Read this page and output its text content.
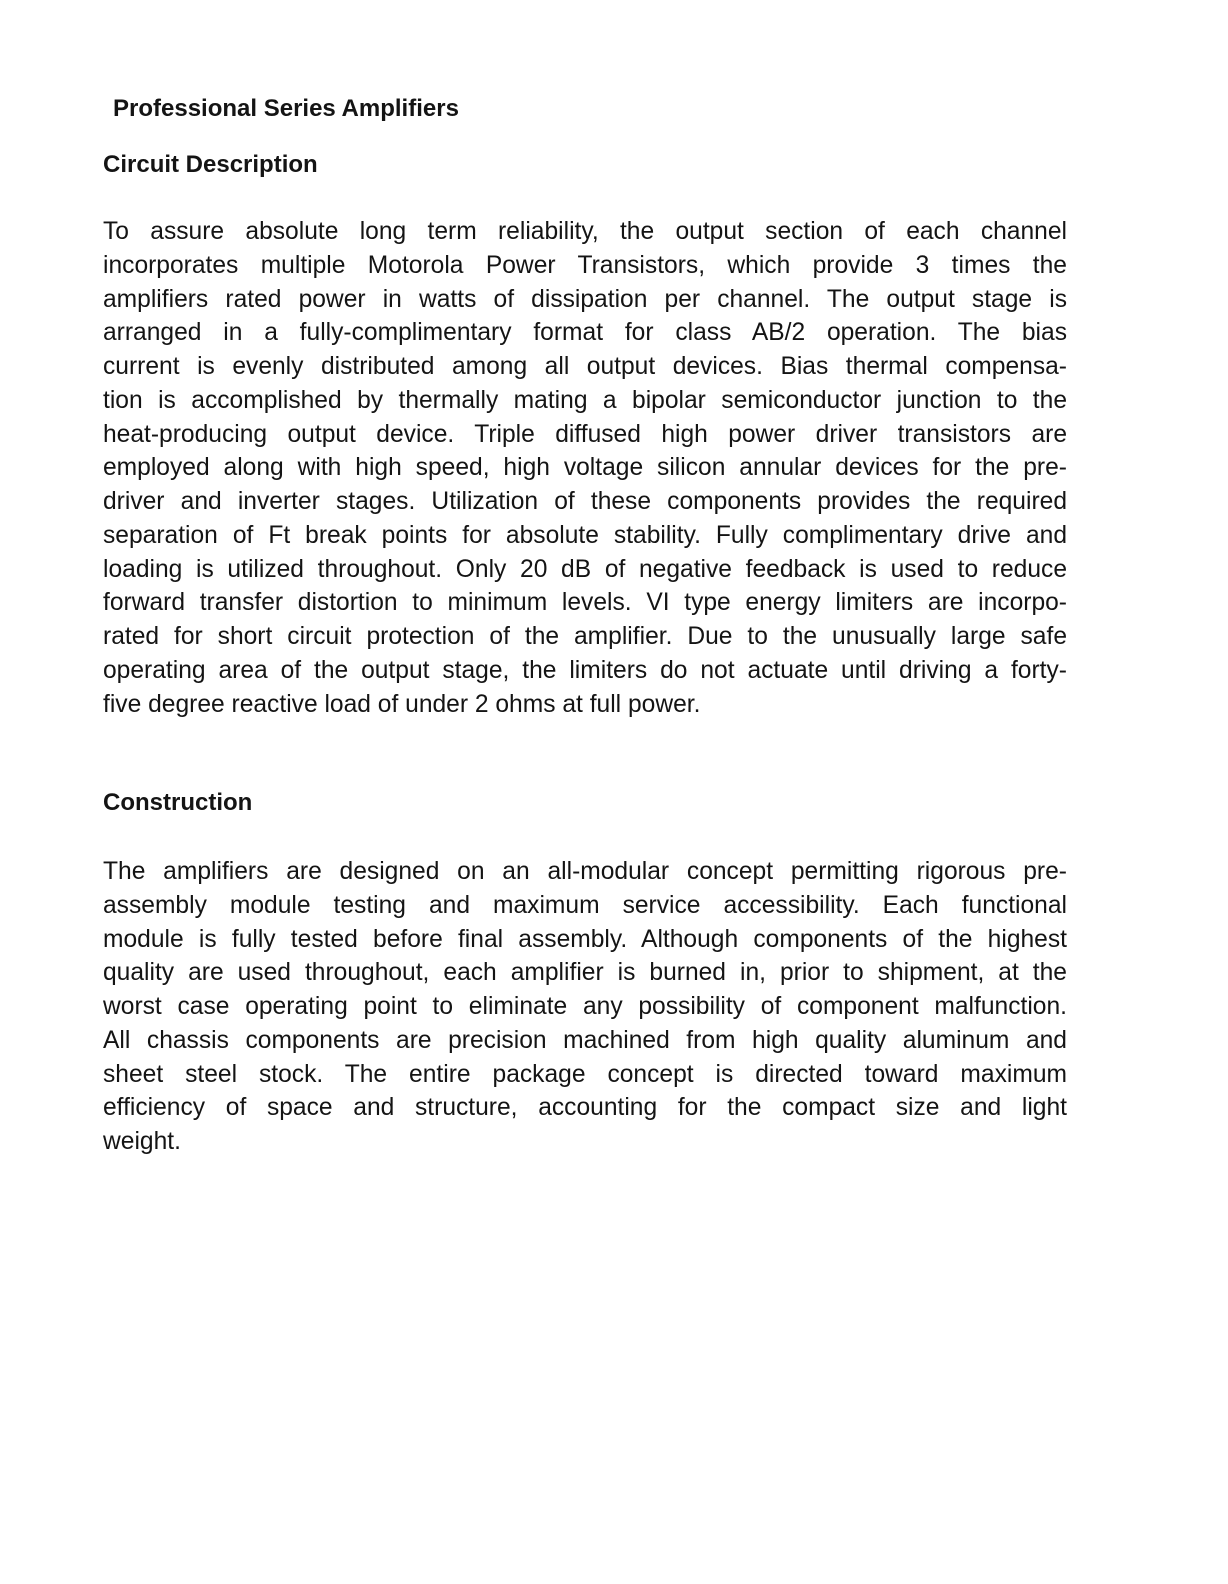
Professional Series Amplifiers
Circuit Description
To assure absolute long term reliability, the output section of each channel
incorporates multiple Motorola Power Transistors, which provide 3 times the
amplifiers rated power in watts of dissipation per channel. The output stage is
arranged in a fully-complimentary format for class AB/2 operation. The bias
current is evenly distributed among all output devices. Bias thermal compensa-
tion is accomplished by thermally mating a bipolar semiconductor junction to the
heat-producing output device. Triple diffused high power driver transistors are
employed along with high speed, high voltage silicon annular devices for the pre-
driver and inverter stages. Utilization of these components provides the required
separation of Ft break points for absolute stability. Fully complimentary drive and
loading is utilized throughout. Only 20 dB of negative feedback is used to reduce
forward transfer distortion to minimum levels. VI type energy limiters are incorpo-
rated for short circuit protection of the amplifier. Due to the unusually large safe
operating area of the output stage, the limiters do not actuate until driving a forty-
five degree reactive load of under 2 ohms at full power.
Construction
The amplifiers are designed on an all-modular concept permitting rigorous pre-
assembly module testing and maximum service accessibility. Each functional
module is fully tested before final assembly. Although components of the highest
quality are used throughout, each amplifier is burned in, prior to shipment, at the
worst case operating point to eliminate any possibility of component malfunction.
All chassis components are precision machined from high quality aluminum and
sheet steel stock. The entire package concept is directed toward maximum
efficiency of space and structure, accounting for the compact size and light
weight.
